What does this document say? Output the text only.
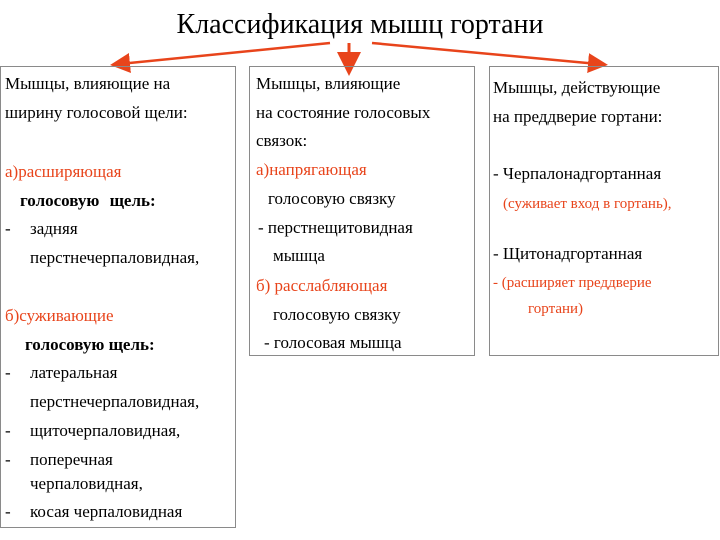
Классификация мышц гортани
Мышцы, влияющие на
ширину голосовой щели:
а)расширяющая
голосовую щель:
- задняя
перстнечерпаловидная,
б)суживающие
голосовую щель:
- латеральная
перстнечерпаловидная,
- щиточерпаловидная,
- поперечная
черпаловидная,
- косая черпаловидная
Мышцы, влияющие
на состояние голосовых
связок:
а)напрягающая
голосовую связку
- перстнещитовидная
мышца
б) расслабляющая
голосовую связку
- голосовая мышца
Мышцы, действующие
на преддверие гортани:
- Черпалонадгортанная
(суживает вход в гортань),
- Щитонадгортанная
- (расширяет преддверие
гортани)
